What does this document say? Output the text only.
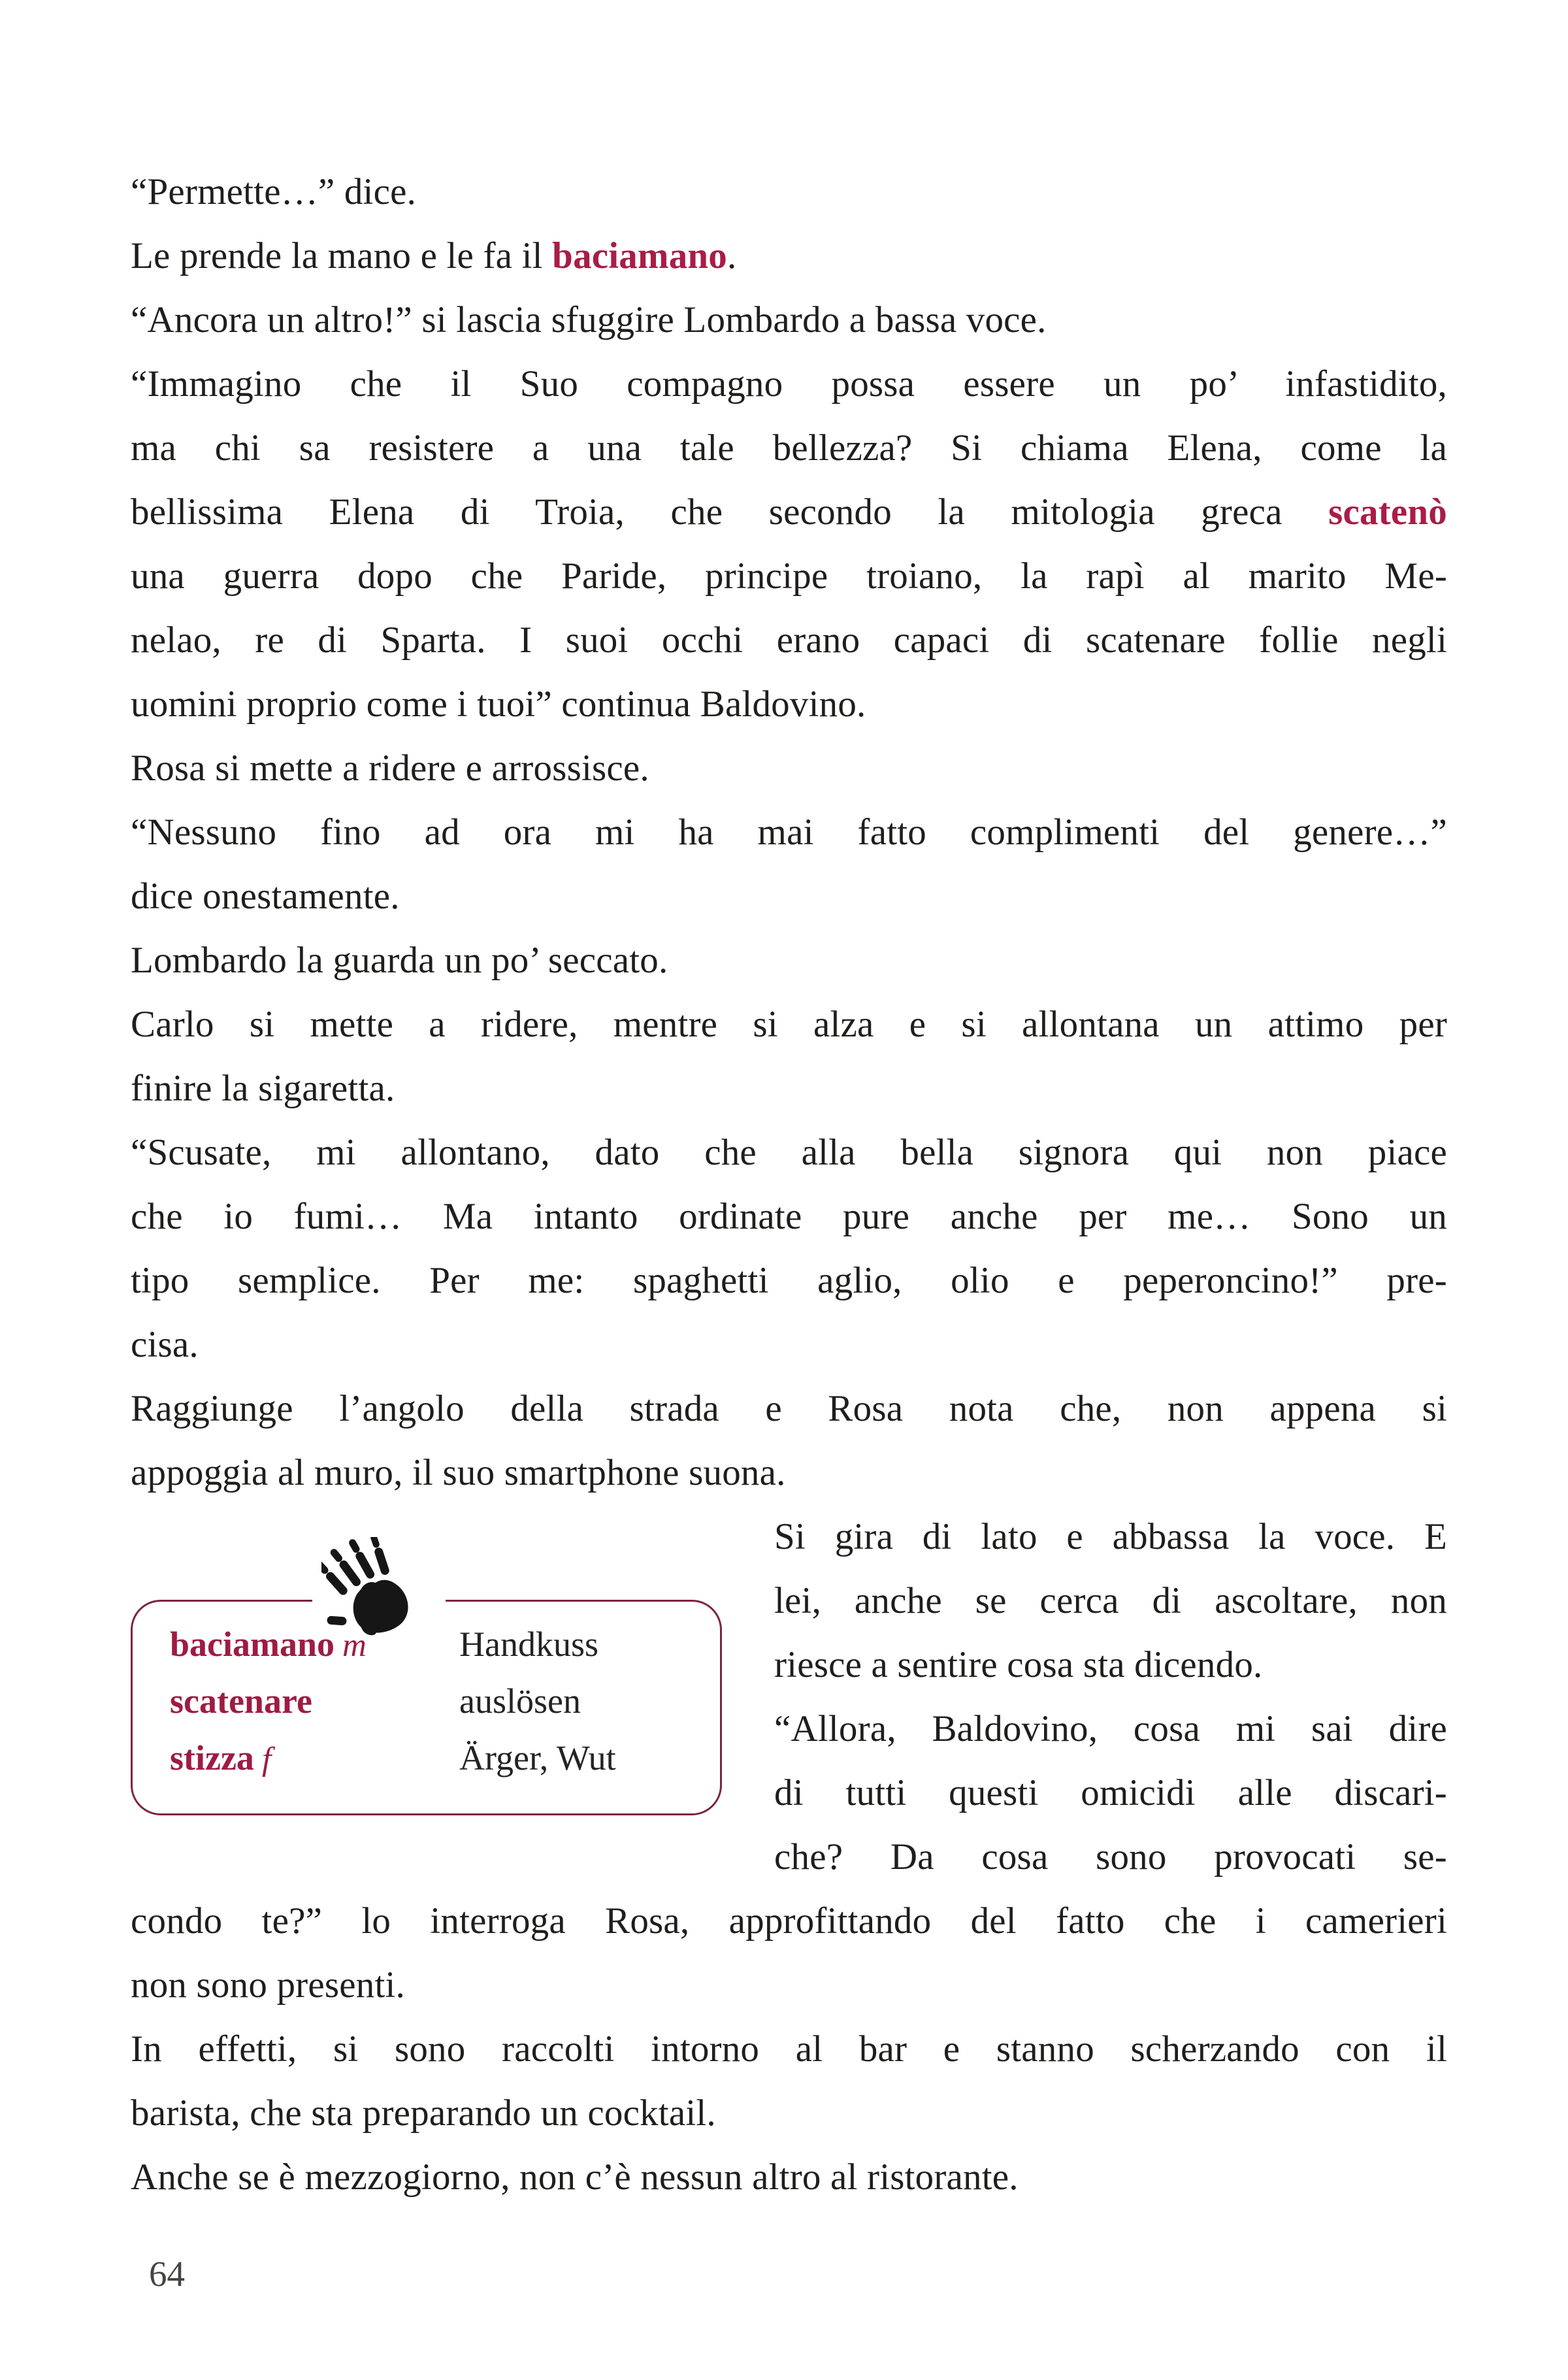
“Permette…” dice.
Le prende la mano e le fa il baciamano.
“Ancora un altro!” si lascia sfuggire Lombardo a bassa voce.
“Immagino che il Suo compagno possa essere un po’ infastidito,
ma chi sa resistere a una tale bellezza? Si chiama Elena, come la
bellissima Elena di Troia, che secondo la mitologia greca scatenò
una guerra dopo che Paride, principe troiano, la rapì al marito Me-
nelao, re di Sparta. I suoi occhi erano capaci di scatenare follie negli
uomini proprio come i tuoi” continua Baldovino.
Rosa si mette a ridere e arrossisce.
“Nessuno fino ad ora mi ha mai fatto complimenti del genere…”
dice onestamente.
Lombardo la guarda un po’ seccato.
Carlo si mette a ridere, mentre si alza e si allontana un attimo per
finire la sigaretta.
“Scusate, mi allontano, dato che alla bella signora qui non piace
che io fumi… Ma intanto ordinate pure anche per me… Sono un
tipo semplice. Per me: spaghetti aglio, olio e peperoncino!” pre-
cisa.
Raggiunge l’angolo della strada e Rosa nota che, non appena si
appoggia al muro, il suo smartphone suona.
Si gira di lato e abbassa la voce. E
lei, anche se cerca di ascoltare, non
riesce a sentire cosa sta dicendo.
“Allora, Baldovino, cosa mi sai dire
di tutti questi omicidi alle discari-
che? Da cosa sono provocati se-
condo te?” lo interroga Rosa, approfittando del fatto che i camerieri
non sono presenti.
In effetti, si sono raccolti intorno al bar e stanno scherzando con il
barista, che sta preparando un cocktail.
Anche se è mezzogiorno, non c’è nessun altro al ristorante.
baciamano m	Handkuss
scatenare	auslösen
stizza f	Ärger, Wut
64
